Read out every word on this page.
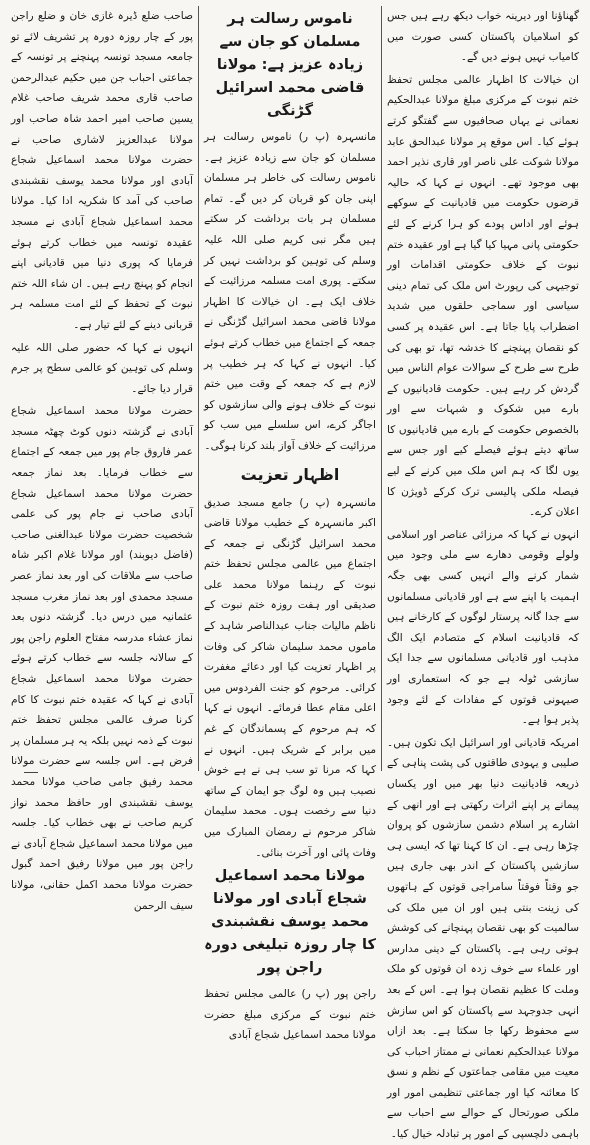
گھناؤنا اور دیرینہ خواب دیکھ رہے ہیں جس کو اسلامیان پاکستان کسی صورت میں کامیاب نہیں ہونے دیں گے۔

ان خیالات کا اظہار عالمی مجلس تحفظ ختم نبوت کے مرکزی مبلغ مولانا عبدالحکیم نعمانی نے یہاں صحافیوں سے گفتگو کرتے ہوئے کیا۔ اس موقع پر مولانا عبدالحق عابد مولانا شوکت علی ناصر اور قاری نذیر احمد بھی موجود تھے۔ انہوں نے کہا کہ حالیہ قرضوں حکومت میں قادیانیت کے سوکھے ہوئے اور اداس پودے کو ہرا کرنے کے لئے حکومتی پانی مہیا کیا گیا ہے اور عقیدہ ختم نبوت کے خلاف حکومتی اقدامات اور توجیہی کی رپورٹ اس ملک کی تمام دینی سیاسی اور سماجی حلقوں میں شدید اضطراب پایا جاتا ہے۔ اس عقیدہ پر کسی کو نقصان پہنچنے کا خدشہ تھا، تو بھی کی طرح سے طرح کے سوالات عوام الناس میں گردش کر رہے ہیں۔ حکومت قادیانیوں کے بارے میں شکوک و شبہات سے اور بالخصوص حکومت کے بارے میں قادیانیوں کا ساتھ دیتے ہوئے فیصلے کیے اور جس سے یوں لگا کہ ہم اس ملک میں کرنے کے لیے فیصلہ ملکی پالیسی ترک کرکے ڈویژن کا اعلان کرے۔

انہوں نے کہا کہ مرزائی عناصر اور اسلامی ولولے وقومی دھارے سے ملی وجود میں شمار کرنے والے انہیں کسی بھی جگہ اہمیت یا اپنے سے ہے اور قادیانی مسلمانوں سے جدا گانہ پرستار لوگوں کے کارخانے ہیں کہ قادیانیت اسلام کے متصادم ایک الگ مذہب اور قادیانی مسلمانوں سے جدا ایک سازشی ٹولہ ہے جو کہ استعماری اور صیہونی قوتوں کے مفادات کے لئے وجود پذیر ہوا ہے۔

امریکہ قادیانی اور اسرائیل ایک تکون ہیں۔ صلیبی و یہودی طاقتوں کی پشت پناہی کے ذریعہ قادیانیت دنیا بھر میں اور یکساں پیمانے پر اپنے اثرات رکھتی ہے اور انھی کے اشارے پر اسلام دشمن سازشوں کو پروان چڑھا رہی ہے۔ ان کا کہنا تھا کہ ایسی ہی سازشیں پاکستان کے اندر بھی جاری ہیں جو وقتاً فوقتاً سامراجی قوتوں کے ہاتھوں کی زینت بنتی ہیں اور ان میں ملک کی سالمیت کو بھی نقصان پہنچانے کی کوشش ہوتی رہی ہے۔ پاکستان کے دینی مدارس اور علماء سے خوف زدہ ان قوتوں کو ملک وملت کا عظیم نقصان ہوا ہے۔ اس کے بعد انہی جدوجہد سے پاکستان کو اس سازش سے محفوظ رکھا جا سکتا ہے۔ بعد ازاں مولانا عبدالحکیم نعمانی نے ممتاز احباب کی معیت میں مقامی جماعتوں کے نظم و نسق کا معائنہ کیا اور جماعتی تنظیمی امور اور ملکی صورتحال کے حوالے سے احباب سے باہمی دلچسپی کے امور پر تبادلہ خیال کیا۔

ناموس رسالت ہر مسلمان کو جان سے زیادہ عزیز ہے: مولانا قاضی محمد اسرائیل گڑنگی

مانسہرہ (پ ر) ناموس رسالت ہر مسلمان کو جان سے زیادہ عزیز ہے۔ ناموس رسالت کی خاطر ہر مسلمان اپنی جان کو قربان کر دیں گے۔ تمام مسلمان ہر بات برداشت کر سکتے ہیں مگر نبی کریم صلی اللہ علیہ وسلم کی توہین کو برداشت نہیں کر سکتے۔ پوری امت مسلمہ مرزائیت کے خلاف ایک ہے۔ ان خیالات کا اظہار مولانا قاضی محمد اسرائیل گڑنگی نے جمعہ کے اجتماع میں خطاب کرتے ہوئے کیا۔ انہوں نے کہا کہ ہر خطیب پر لازم ہے کہ جمعہ کے وقت میں ختم نبوت کے خلاف ہونے والی سازشوں کو اجاگر کرے، اس سلسلے میں سب کو مرزائیت کے خلاف آواز بلند کرنا ہوگی۔

اظہار تعزیت

مانسہرہ (پ ر) جامع مسجد صدیق اکبر مانسہرہ کے خطیب مولانا قاضی محمد اسرائیل گڑنگی نے جمعہ کے اجتماع میں عالمی مجلس تحفظ ختم نبوت کے رہنما مولانا محمد علی صدیقی اور ہفت روزہ ختم نبوت کے ناظم مالیات جناب عبدالناصر شاہد کے ماموں محمد سلیمان شاکر کی وفات پر اظہار تعزیت کیا اور دعائے مغفرت کرائی۔ مرحوم کو جنت الفردوس میں اعلی مقام عطا فرمائے۔ انہوں نے کہا کہ ہم مرحوم کے پسماندگان کے غم میں برابر کے شریک ہیں۔ انہوں نے کہا کہ مرنا تو سب ہی نے ہے خوش نصیب ہیں وہ لوگ جو ایمان کے ساتھ دنیا سے رخصت ہوں۔ محمد سلیمان شاکر مرحوم نے رمضان المبارک میں وفات پائی اور آخرت بنائی۔

مولانا محمد اسماعیل شجاع آبادی اور مولانا محمد یوسف نقشبندی کا چار روزہ تبلیغی دورہ راجن پور

راجن پور (پ ر) عالمی مجلس تحفظ ختم نبوت کے مرکزی مبلغ حضرت مولانا محمد اسماعیل شجاع آبادی

صاحب ضلع ڈیرہ غازی خان و ضلع راجن پور کے چار روزہ دورہ پر تشریف لائے تو جامعہ مسجد تونسہ پہنچنے پر تونسہ کے جماعتی احباب جن میں حکیم عبدالرحمن صاحب قاری محمد شریف صاحب غلام یسین صاحب امیر احمد شاہ صاحب اور مولانا عبدالعزیز لاشاری صاحب نے حضرت مولانا محمد اسماعیل شجاع آبادی اور مولانا محمد یوسف نقشبندی صاحب کی آمد کا شکریہ ادا کیا۔ مولانا محمد اسماعیل شجاع آبادی نے مسجد عقیدہ تونسہ میں خطاب کرتے ہوئے فرمایا کہ پوری دنیا میں قادیانی اپنے انجام کو پہنچ رہے ہیں۔ ان شاء اللہ ختم نبوت کے تحفظ کے لئے امت مسلمہ ہر قربانی دینے کے لئے تیار ہے۔

انہوں نے کہا کہ حضور صلی اللہ علیہ وسلم کی توہین کو عالمی سطح پر جرم قرار دیا جائے۔

حضرت مولانا محمد اسماعیل شجاع آبادی نے گزشتہ دنوں کوٹ چھٹہ مسجد عمر فاروق جام پور میں جمعہ کے اجتماع سے خطاب فرمایا۔ بعد نماز جمعہ حضرت مولانا محمد اسماعیل شجاع آبادی صاحب نے جام پور کی علمی شخصیت حضرت مولانا عبدالغنی صاحب (فاضل دیوبند) اور مولانا غلام اکبر شاہ صاحب سے ملاقات کی اور بعد نماز عصر مسجد محمدی اور بعد نماز مغرب مسجد عثمانیہ میں درس دیا۔ گزشتہ دنوں بعد نماز عشاء مدرسہ مفتاح العلوم راجن پور کے سالانہ جلسہ سے خطاب کرتے ہوئے حضرت مولانا محمد اسماعیل شجاع آبادی نے کہا کہ عقیدہ ختم نبوت کا کام کرنا صرف عالمی مجلس تحفظ ختم نبوت کے ذمہ نہیں بلکہ یہ ہر مسلمان پر فرض ہے۔ اس جلسہ سے حضرت مولانا محمد رفیق جامی صاحب مولانا محمد یوسف نقشبندی اور حافظ محمد نواز کریم صاحب نے بھی خطاب کیا۔ جلسہ میں مولانا محمد اسماعیل شجاع آبادی نے راجن پور میں مولانا رفیق احمد گبول حضرت مولانا محمد اکمل حقانی، مولانا سیف الرحمن
